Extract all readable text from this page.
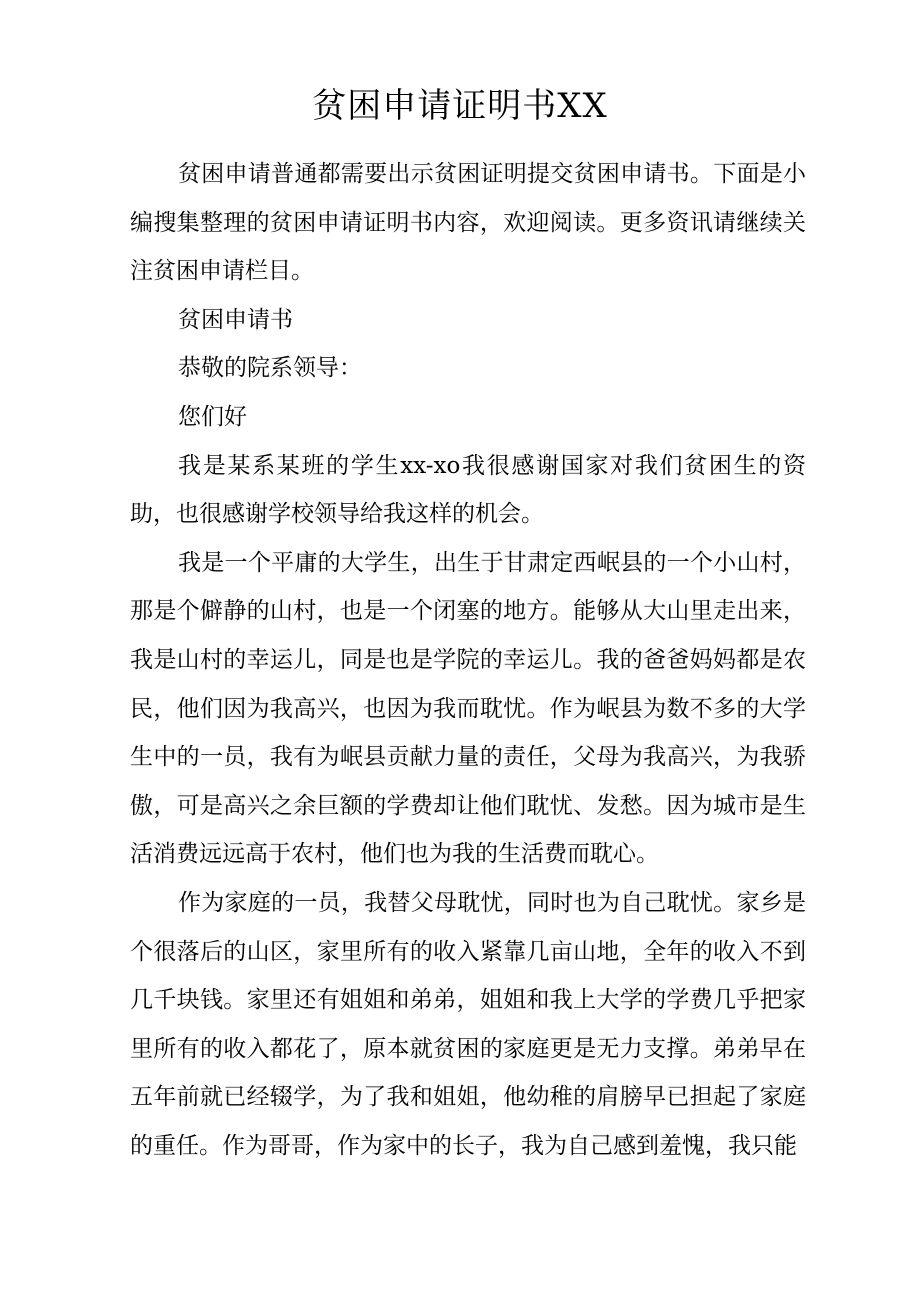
贫困申请证明书XX

贫困申请普通都需要出示贫困证明提交贫困申请书。下面是小编搜集整理的贫困申请证明书内容，欢迎阅读。更多资讯请继续关注贫困申请栏目。

贫困申请书

恭敬的院系领导：

您们好

我是某系某班的学生xx-xo我很感谢国家对我们贫困生的资助，也很感谢学校领导给我这样的机会。

我是一个平庸的大学生，出生于甘肃定西岷县的一个小山村，那是个僻静的山村，也是一个闭塞的地方。能够从大山里走出来，我是山村的幸运儿，同是也是学院的幸运儿。我的爸爸妈妈都是农民，他们因为我高兴，也因为我而耽忧。作为岷县为数不多的大学生中的一员，我有为岷县贡献力量的责任，父母为我高兴，为我骄傲，可是高兴之余巨额的学费却让他们耽忧、发愁。因为城市是生活消费远远高于农村，他们也为我的生活费而耽心。

作为家庭的一员，我替父母耽忧，同时也为自己耽忧。家乡是个很落后的山区，家里所有的收入紧靠几亩山地，全年的收入不到几千块钱。家里还有姐姐和弟弟，姐姐和我上大学的学费几乎把家里所有的收入都花了，原本就贫困的家庭更是无力支撑。弟弟早在五年前就已经辍学，为了我和姐姐，他幼稚的肩膀早已担起了家庭的重任。作为哥哥，作为家中的长子，我为自己感到羞愧，我只能
